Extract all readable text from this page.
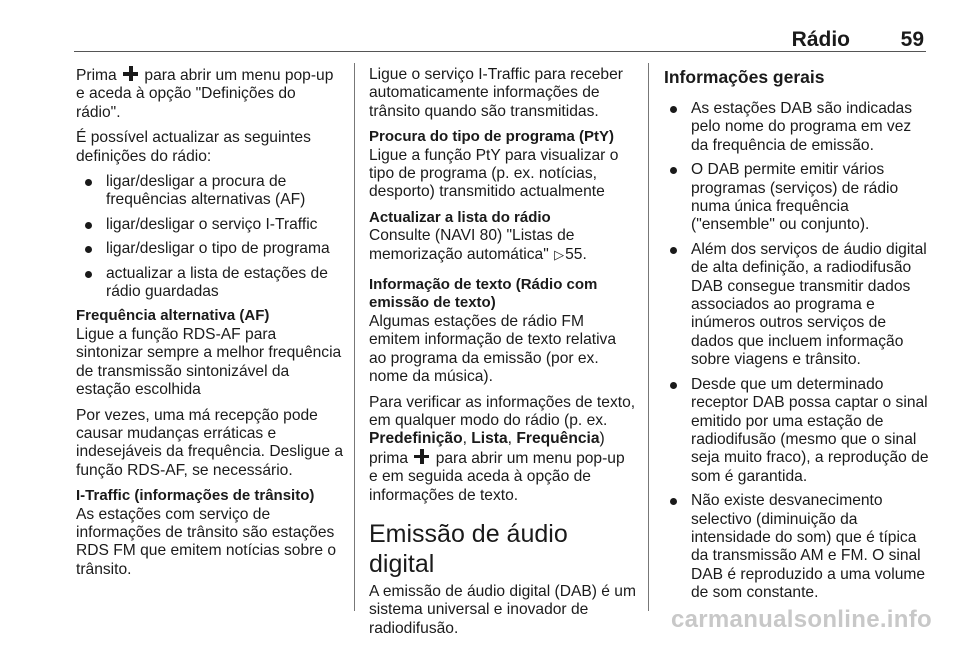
Rádio 59

Prima para abrir um menu pop-up e aceda à opção "Definições do rádio".

É possível actualizar as seguintes definições do rádio:

ligar/desligar a procura de frequências alternativas (AF)
ligar/desligar o serviço I-Traffic
ligar/desligar o tipo de programa
actualizar a lista de estações de rádio guardadas

Frequência alternativa (AF)

Ligue a função RDS-AF para sintonizar sempre a melhor frequência de transmissão sintonizável da estação escolhida

Por vezes, uma má recepção pode causar mudanças erráticas e indesejáveis da frequência. Desligue a função RDS-AF, se necessário.

I-Traffic (informações de trânsito)

As estações com serviço de informações de trânsito são estações RDS FM que emitem notícias sobre o trânsito.

Ligue o serviço I-Traffic para receber automaticamente informações de trânsito quando são transmitidas.

Procura do tipo de programa (PtY)

Ligue a função PtY para visualizar o tipo de programa (p. ex. notícias, desporto) transmitido actualmente

Actualizar a lista do rádio

Consulte (NAVI 80) "Listas de memorização automática" ▷55.

Informação de texto (Rádio com emissão de texto)

Algumas estações de rádio FM emitem informação de texto relativa ao programa da emissão (por ex. nome da música).

Para verificar as informações de texto, em qualquer modo do rádio (p. ex. Predefinição, Lista, Frequência) prima para abrir um menu pop-up e em seguida aceda à opção de informações de texto.

Emissão de áudio digital

A emissão de áudio digital (DAB) é um sistema universal e inovador de radiodifusão.

Informações gerais
As estações DAB são indicadas pelo nome do programa em vez da frequência de emissão.
O DAB permite emitir vários programas (serviços) de rádio numa única frequência ("ensemble" ou conjunto).
Além dos serviços de áudio digital de alta definição, a radiodifusão DAB consegue transmitir dados associados ao programa e inúmeros outros serviços de dados que incluem informação sobre viagens e trânsito.
Desde que um determinado receptor DAB possa captar o sinal emitido por uma estação de radiodifusão (mesmo que o sinal seja muito fraco), a reprodução de som é garantida.
Não existe desvanecimento selectivo (diminuição da intensidade do som) que é típica da transmissão AM e FM. O sinal DAB é reproduzido a uma volume de som constante.
carmanualsonline.info
